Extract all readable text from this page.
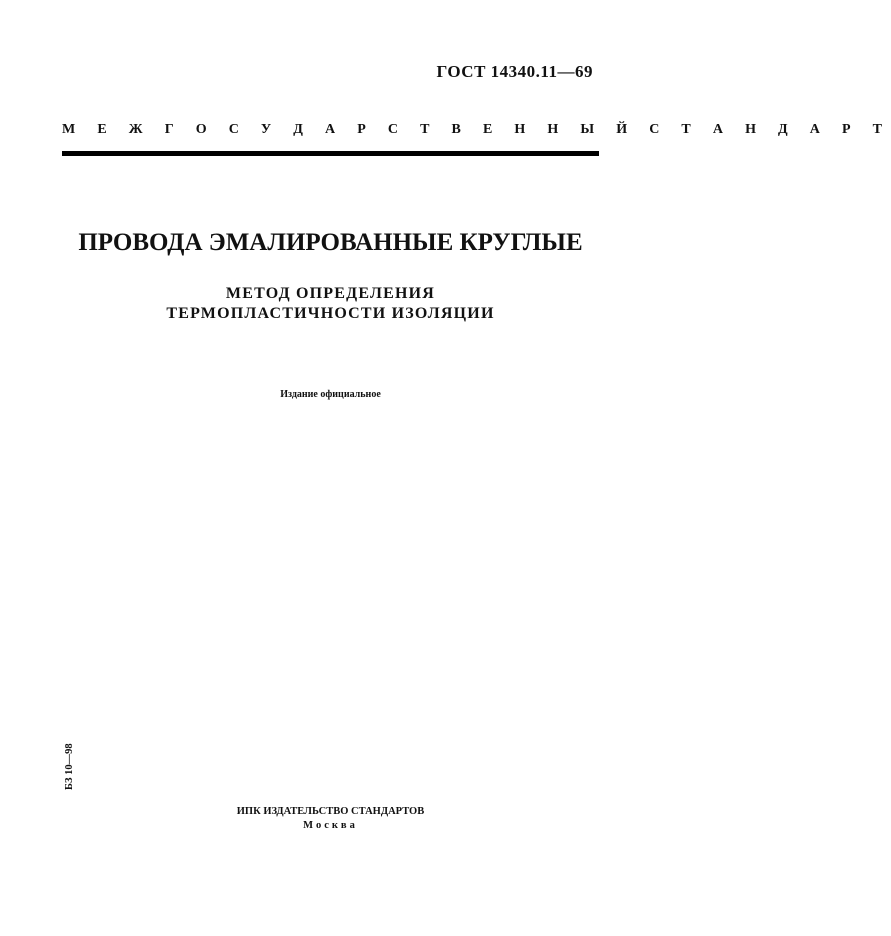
ГОСТ 14340.11—69
М Е Ж Г О С У Д А Р С Т В Е Н Н Ы Й С Т А Н Д А Р Т
ПРОВОДА ЭМАЛИРОВАННЫЕ КРУГЛЫЕ
МЕТОД ОПРЕДЕЛЕНИЯ
ТЕРМОПЛАСТИЧНОСТИ ИЗОЛЯЦИИ
Издание официальное
БЗ 10—98
ИПК ИЗДАТЕЛЬСТВО СТАНДАРТОВ
Москва
